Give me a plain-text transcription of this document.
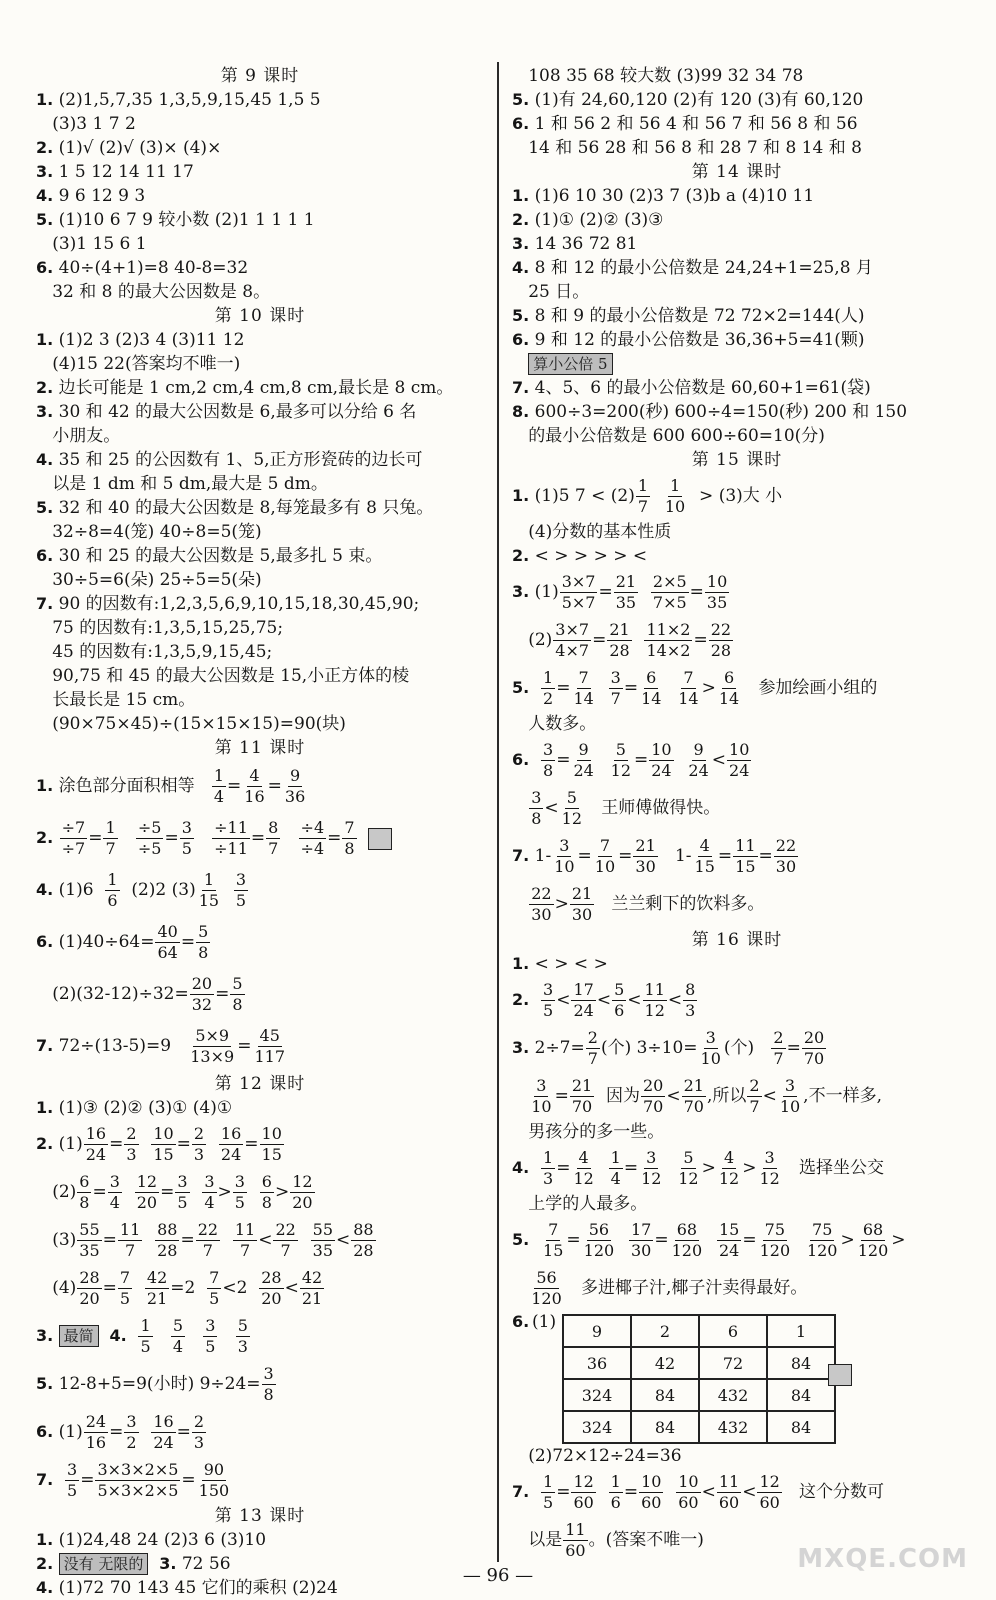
第 9 课时
1. (2)1,5,7,35 1,3,5,9,15,45 1,5 5
(3)3 1 7 2
2. (1)√ (2)√ (3)× (4)×
3. 1 5 12 14 11 17
4. 9 6 12 9 3
5. (1)10 6 7 9 较小数 (2)1 1 1 1 1
(3)1 15 6 1
6. 40÷(4+1)=8 40-8=32
32 和 8 的最大公因数是 8。
第 10 课时
1. (1)2 3 (2)3 4 (3)11 12
(4)15 22(答案均不唯一)
2. 边长可能是 1 cm,2 cm,4 cm,8 cm,最长是 8 cm。
3. 30 和 42 的最大公因数是 6,最多可以分给 6 名
小朋友。
4. 35 和 25 的公因数有 1、5,正方形瓷砖的边长可
以是 1 dm 和 5 dm,最大是 5 dm。
5. 32 和 40 的最大公因数是 8,每笼最多有 8 只兔。
32÷8=4(笼) 40÷8=5(笼)
6. 30 和 25 的最大公因数是 5,最多扎 5 束。
30÷5=6(朵) 25÷5=5(朵)
7. 90 的因数有:1,2,3,5,6,9,10,15,18,30,45,90;
75 的因数有:1,3,5,15,25,75;
45 的因数有:1,3,5,9,15,45;
90,75 和 45 的最大公因数是 15,小正方体的棱
长最长是 15 cm。
(90×75×45)÷(15×15×15)=90(块)
第 11 课时
1. 涂色部分面积相等 $\frac{1}{4} = \frac{4}{16} = \frac{9}{36}$
2. $\frac{\div 7}{\div 7} = \frac{1}{7}$
$\frac{\div 5}{\div 5} = \frac{3}{5}$
$\frac{\div 11}{\div 11} = \frac{8}{7}$
$\frac{\div 4}{\div 4} = \frac{7}{8}$

4. $(1)6 \frac{1}{6} (2)2$ $(3) \frac{1}{15}$
$\frac{3}{5}$
6. $(1)40\div 64= \frac{40}{64} = \frac{5}{8}$
$(2)(32-12)\div 32= \frac{20}{32} = \frac{5}{8}$
7. $72\div(13-5)=9 \frac{5\times 9}{13\times 9} = \frac{45}{117}$
第 12 课时
1. (1)③ (2)② (3)① (4)①
2. $(1) \frac{16}{24} = \frac{2}{3}$
$\frac{10}{15} = \frac{2}{3}$
$\frac{16}{24} = \frac{10}{15}$
$(2) \frac{6}{8} = \frac{3}{4}$
$\frac{12}{20} = \frac{3}{5}$
$\frac{3}{4} > \frac{3}{5}$
$\frac{6}{8} > \frac{12}{20}$
$(3) \frac{55}{35} = \frac{11}{7}$
$\frac{88}{28} = \frac{22}{7}$
$\frac{11}{7} < \frac{22}{7}$
$\frac{55}{35} < \frac{88}{28}$
$(4) \frac{28}{20} = \frac{7}{5}$
$\frac{42}{21} =2 \frac{7}{5} <2 \frac{28}{20} < \frac{42}{21}$
3. 最简 4. $\frac{1}{5}$
$\frac{5}{4}$
$\frac{3}{5}$
$\frac{5}{3}$
5. 12-8+5=9(小时) $9\div 24= \frac{3}{8}$
6. $(1) \frac{24}{16} = \frac{3}{2}$
$\frac{16}{24} = \frac{2}{3}$
7. $\frac{3}{5} = \frac{3\times 3\times 2\times 5}{5\times 3\times 2\times 5} = \frac{90}{150}$
第 13 课时
1. (1)24,48 24 (2)3 6 (3)10
2. 没有 无限的 3. 72 56
4. (1)72 70 143 45 它们的乘积 (2)24
108 35 68 较大数 (3)99 32 34 78
5. (1)有 24,60,120 (2)有 120 (3)有 60,120
6. 1 和 56 2 和 56 4 和 56 7 和 56 8 和 56
14 和 56 28 和 56 8 和 28 7 和 8 14 和 8
第 14 课时
1. (1)6 10 30 (2)3 7 (3)b a (4)10 11
2. (1)① (2)② (3)③
3. 14 36 72 81
4. 8 和 12 的最小公倍数是 24,24+1=25,8 月
25 日。
5. 8 和 9 的最小公倍数是 72 72×2=144(人)
6. 9 和 12 的最小公倍数是 36,36+5=41(颗)
算小公倍 5
7. 4、5、6 的最小公倍数是 60,60+1=61(袋)
8. 600÷3=200(秒) 600÷4=150(秒) 200 和 150
的最小公倍数是 600 600÷60=10(分)
第 15 课时
1. (1)5 $7 < (2) \frac{1}{7}$
$\frac{1}{10} > (3)$大 小
(4)分数的基本性质
2. < > > > > <
3. $(1) \frac{3\times 7}{5\times 7} = \frac{21}{35}$
$\frac{2\times 5}{7\times 5} = \frac{10}{35}$
$(2) \frac{3\times 7}{4\times 7} = \frac{21}{28}$
$\frac{11\times 2}{14\times 2} = \frac{22}{28}$
5. $\frac{1}{2} = \frac{7}{14}$
$\frac{3}{7} = \frac{6}{14}$
$\frac{7}{14} > \frac{6}{14}$ 参加绘画小组的
人数多。
6. $\frac{3}{8} = \frac{9}{24}$
$\frac{5}{12} = \frac{10}{24}$
$\frac{9}{24} < \frac{10}{24}$

$\frac{3}{8} < \frac{5}{12}$ 王师傅做得快。
7. $1- \frac{3}{10} = \frac{7}{10} = \frac{21}{30} 1- \frac{4}{15} = \frac{11}{15} = \frac{22}{30}$

$\frac{22}{30} > \frac{21}{30}$ 兰兰剩下的饮料多。
第 16 课时
1. < > < >
2. $\frac{3}{5} < \frac{17}{24} < \frac{5}{6} < \frac{11}{12} < \frac{8}{3}$
3. $2\div 7= \frac{2}{7}$ (个) $3\div 10= \frac{3}{10}$ (个) $\frac{2}{7} = \frac{20}{70}$

$\frac{3}{10} = \frac{21}{70}$ 因为 $\frac{20}{70} < \frac{21}{70}$ ,所以 $\frac{2}{7} < \frac{3}{10}$ ,不一样多,
男孩分的多一些。
4. $\frac{1}{3} = \frac{4}{12}$
$\frac{1}{4} = \frac{3}{12}$
$\frac{5}{12} > \frac{4}{12} > \frac{3}{12}$ 选择坐公交
上学的人最多。
5. $\frac{7}{15} = \frac{56}{120}$
$\frac{17}{30} = \frac{68}{120}$
$\frac{15}{24} = \frac{75}{120}$
$\frac{75}{120} > \frac{68}{120}$ >

$\frac{56}{120}$ 多进椰子汁,椰子汁卖得最好。
6. (1) 9	2	6	1
36	42	72	84
324	84	432	84
324	84	432	84
(2)72×12÷24=36
7. $\frac{1}{5} = \frac{12}{60}$
$\frac{1}{6} = \frac{10}{60}$
$\frac{10}{60} < \frac{11}{60} < \frac{12}{60}$ 这个分数可
以是 $\frac{11}{60}$ 。(答案不唯一)
— 96 —
MXQE.COM
